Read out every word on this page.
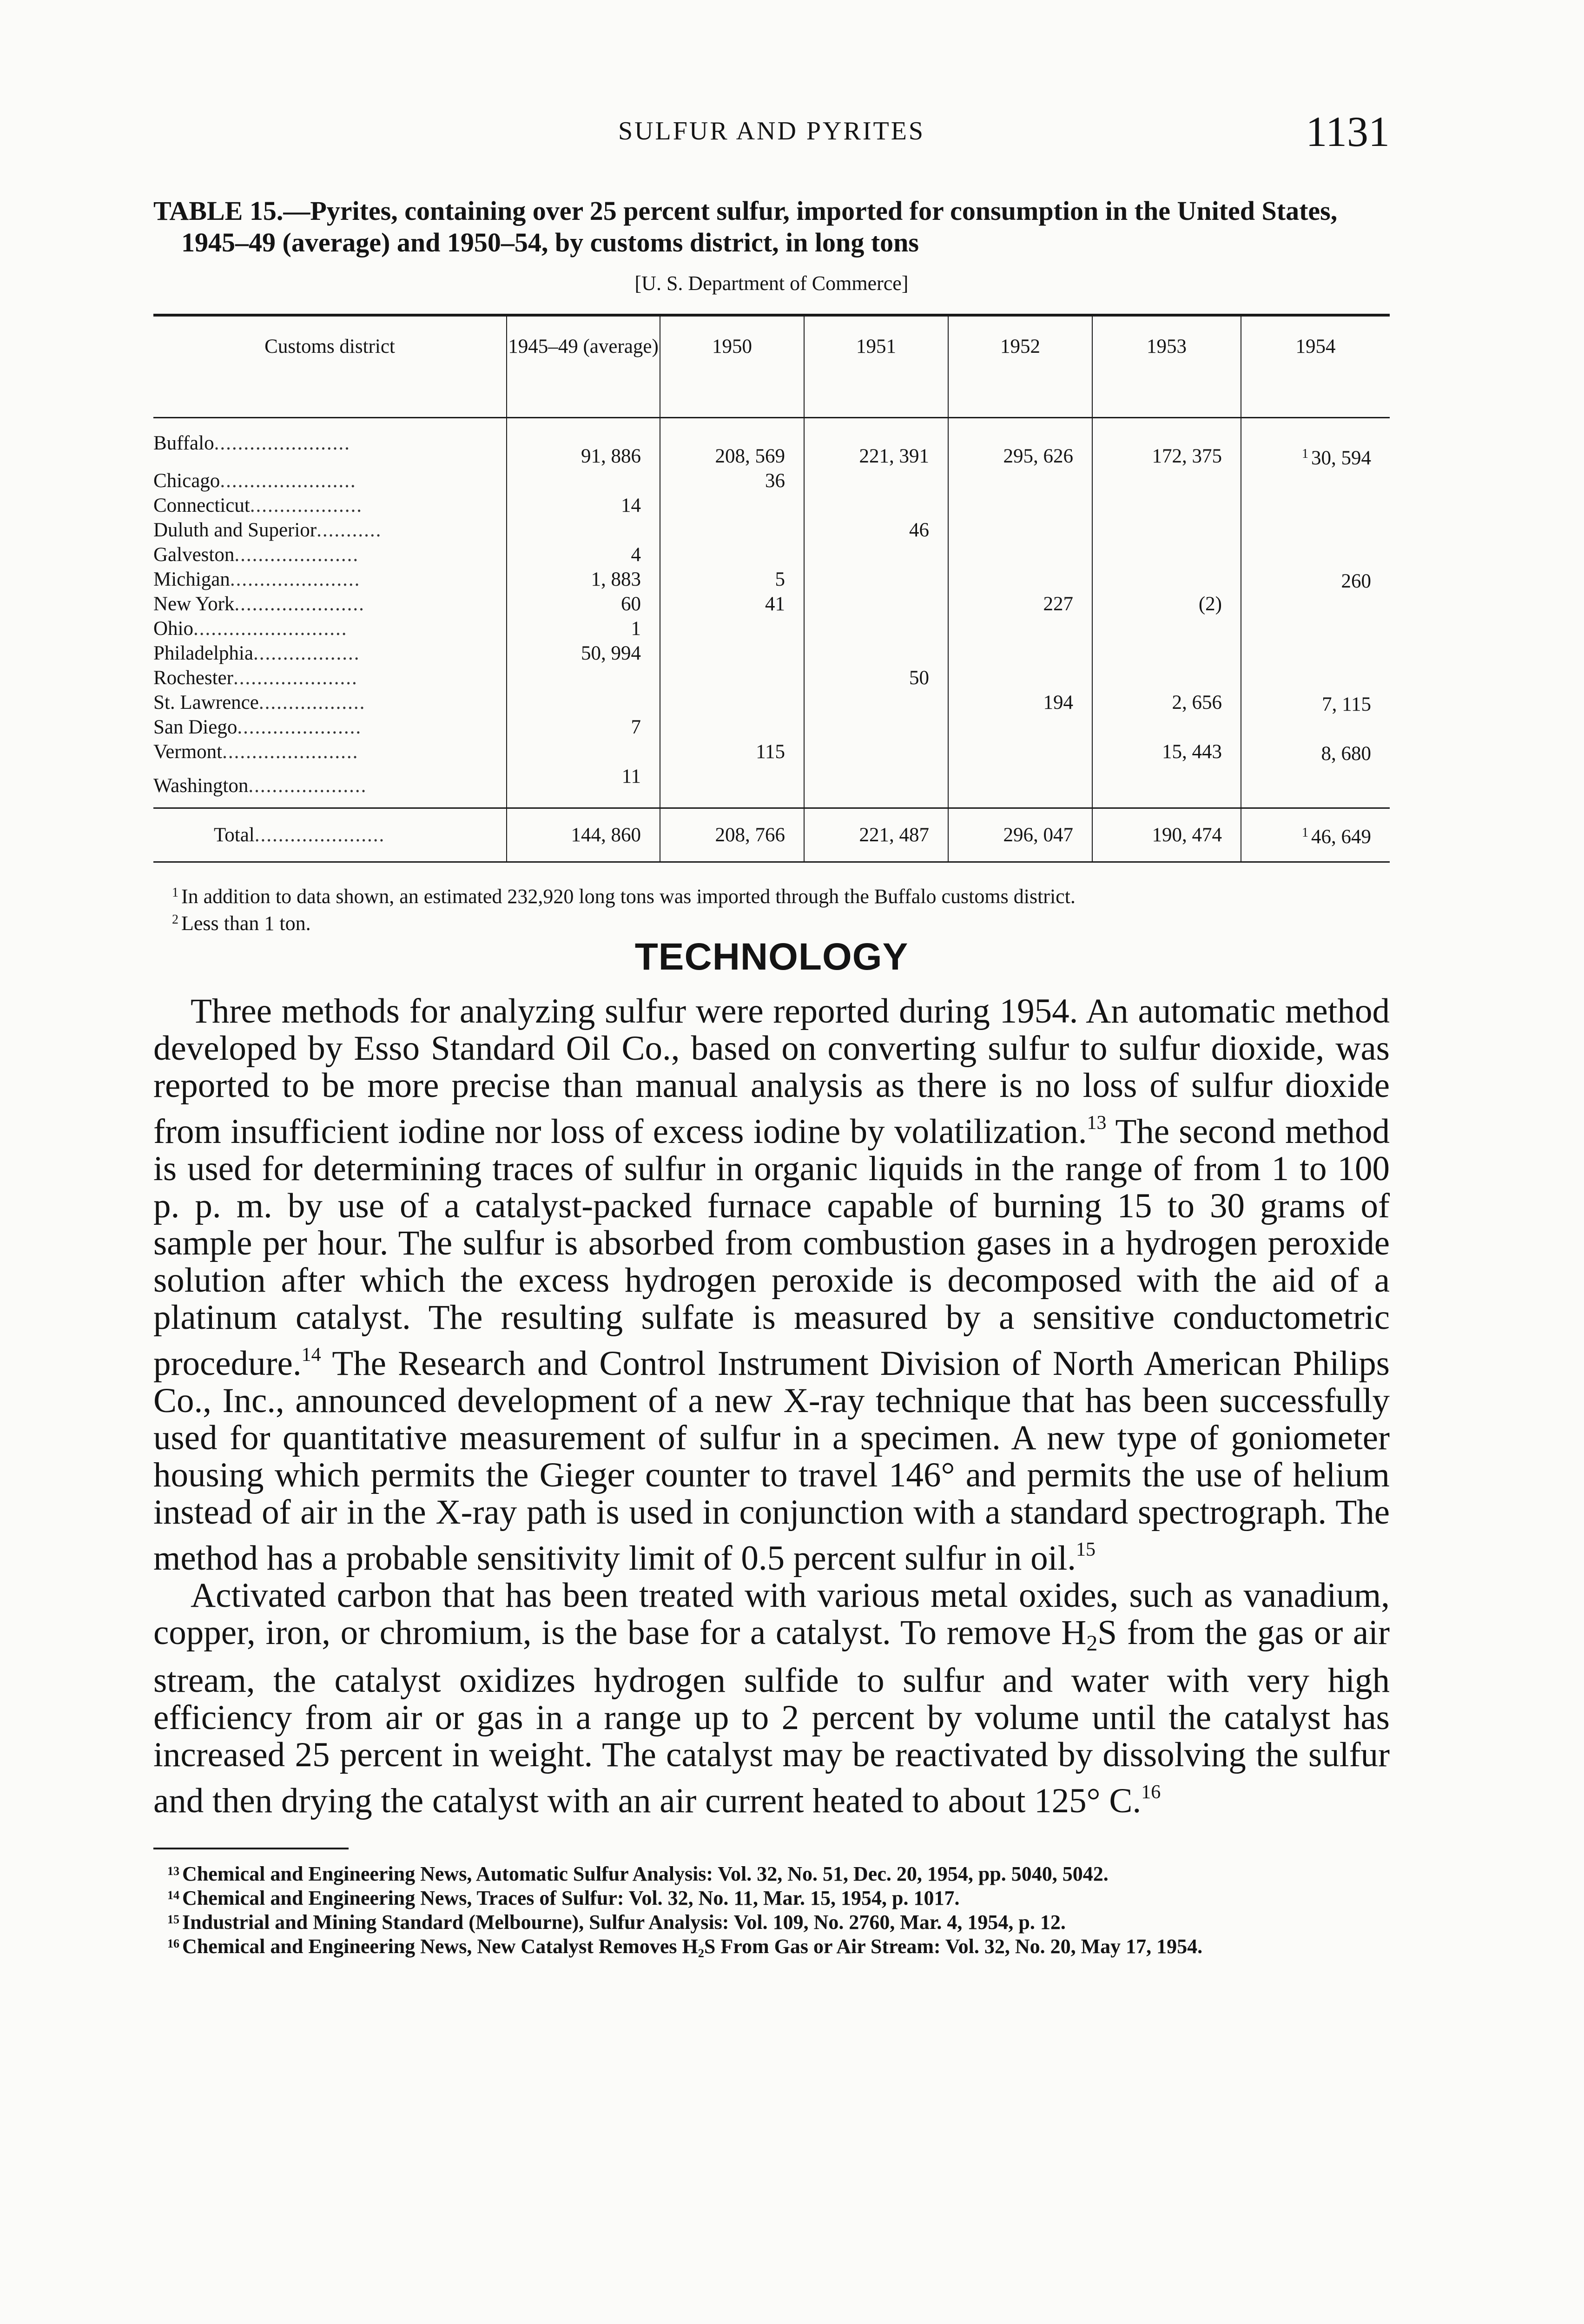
SULFUR AND PYRITES	1131
TABLE 15.—Pyrites, containing over 25 percent sulfur, imported for consumption in the United States, 1945–49 (average) and 1950–54, by customs district, in long tons
[U. S. Department of Commerce]
Customs district	1945–49 (average)	1950	1951	1952	1953	1954
Buffalo.......................	91, 886	208, 569	221, 391	295, 626	172, 375	$^1$ 30, 594
Chicago.......................		36				
Connecticut...................	14					
Duluth and Superior...........			46			
Galveston.....................	4					
Michigan......................	1, 883	5				260
New York......................	60	41		227	(2)	
Ohio..........................	1					
Philadelphia..................	50, 994					
Rochester.....................			50			
St. Lawrence..................				194	2, 656	7, 115
San Diego.....................	7					
Vermont.......................		115			15, 443	8, 680
Washington....................	11					
Total......................	144, 860	208, 766	221, 487	296, 047	190, 474	$^1$ 46, 649

$^1$ In addition to data shown, an estimated 232,920 long tons was imported through the Buffalo customs district.

$^2$ Less than 1 ton.

TECHNOLOGY

Three methods for analyzing sulfur were reported during 1954. An automatic method developed by Esso Standard Oil Co., based on converting sulfur to sulfur dioxide, was reported to be more precise than manual analysis as there is no loss of sulfur dioxide from insufficient iodine nor loss of excess iodine by volatilization.$^{13}$ The second method is used for determining traces of sulfur in organic liquids in the range of from 1 to 100 p. p. m. by use of a catalyst-packed furnace capable of burning 15 to 30 grams of sample per hour. The sulfur is absorbed from combustion gases in a hydrogen peroxide solution after which the excess hydrogen peroxide is decomposed with the aid of a platinum catalyst. The resulting sulfate is measured by a sensitive conductometric procedure.$^{14}$ The Research and Control Instrument Division of North American Philips Co., Inc., announced development of a new X-ray technique that has been successfully used for quantitative measurement of sulfur in a specimen. A new type of goniometer housing which permits the Gieger counter to travel 146° and permits the use of helium instead of air in the X-ray path is used in conjunction with a standard spectrograph. The method has a probable sensitivity limit of 0.5 percent sulfur in oil.$^{15}$

Activated carbon that has been treated with various metal oxides, such as vanadium, copper, iron, or chromium, is the base for a catalyst. To remove $H_2S$ from the gas or air stream, the catalyst oxidizes hydrogen sulfide to sulfur and water with very high efficiency from air or gas in a range up to 2 percent by volume until the catalyst has increased 25 percent in weight. The catalyst may be reactivated by dissolving the sulfur and then drying the catalyst with an air current heated to about 125° C.$^{16}$

$^{13}$ Chemical and Engineering News, Automatic Sulfur Analysis: Vol. 32, No. 51, Dec. 20, 1954, pp. 5040, 5042.

$^{14}$ Chemical and Engineering News, Traces of Sulfur: Vol. 32, No. 11, Mar. 15, 1954, p. 1017.

$^{15}$ Industrial and Mining Standard (Melbourne), Sulfur Analysis: Vol. 109, No. 2760, Mar. 4, 1954, p. 12.

$^{16}$ Chemical and Engineering News, New Catalyst Removes H₂S From Gas or Air Stream: Vol. 32, No. 20, May 17, 1954.
